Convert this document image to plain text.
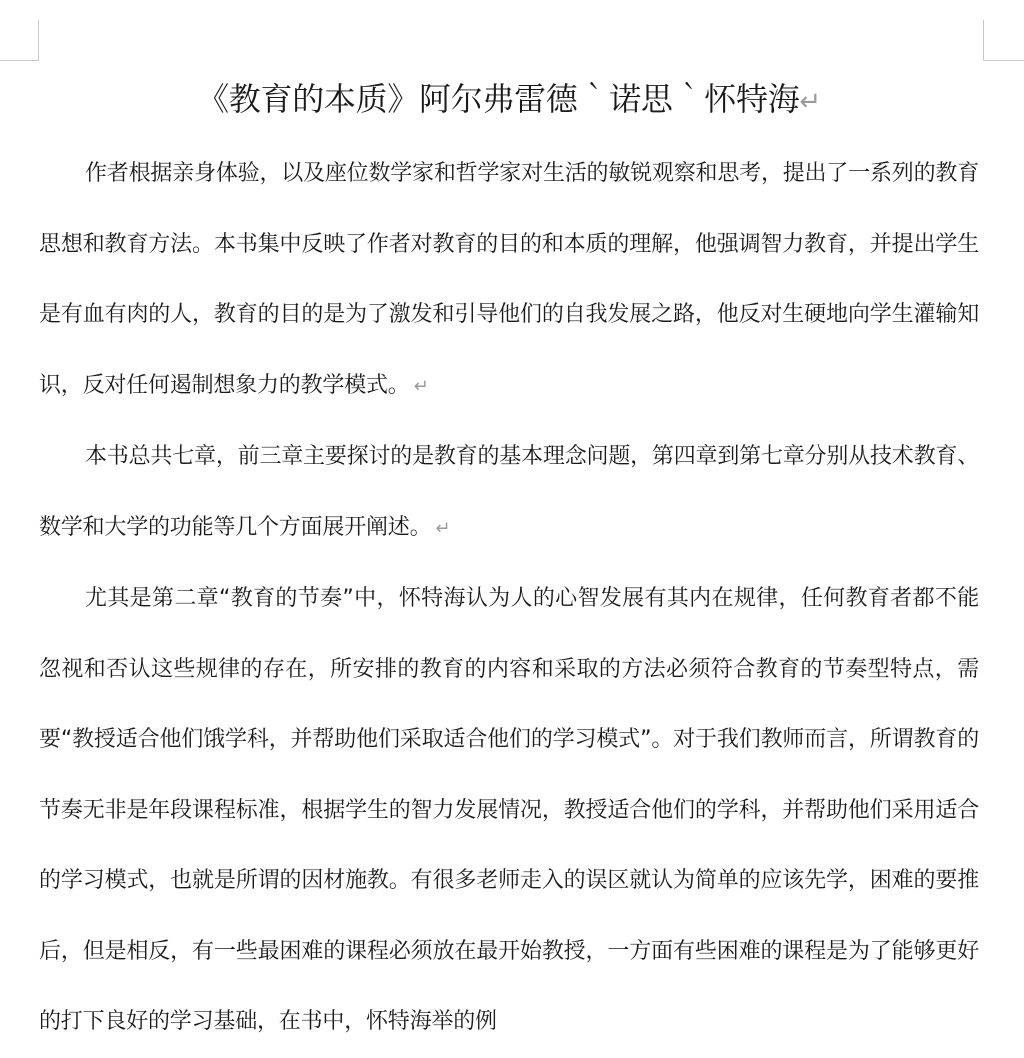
《教育的本质》阿尔弗雷德｀诺思｀怀特海↵

作者根据亲身体验，以及座位数学家和哲学家对生活的敏锐观察和思考，提出了一系列的教育思想和教育方法。本书集中反映了作者对教育的目的和本质的理解，他强调智力教育，并提出学生是有血有肉的人，教育的目的是为了激发和引导他们的自我发展之路，他反对生硬地向学生灌输知识，反对任何遏制想象力的教学模式。 ↵

本书总共七章，前三章主要探讨的是教育的基本理念问题，第四章到第七章分别从技术教育、数学和大学的功能等几个方面展开阐述。 ↵

尤其是第二章“教育的节奏”中，怀特海认为人的心智发展有其内在规律，任何教育者都不能忽视和否认这些规律的存在，所安排的教育的内容和采取的方法必须符合教育的节奏型特点，需要“教授适合他们饿学科，并帮助他们采取适合他们的学习模式”。对于我们教师而言，所谓教育的节奏无非是年段课程标准，根据学生的智力发展情况，教授适合他们的学科，并帮助他们采用适合的学习模式，也就是所谓的因材施教。有很多老师走入的误区就认为简单的应该先学，困难的要推后，但是相反，有一些最困难的课程必须放在最开始教授，一方面有些困难的课程是为了能够更好的打下良好的学习基础，在书中，怀特海举的例
